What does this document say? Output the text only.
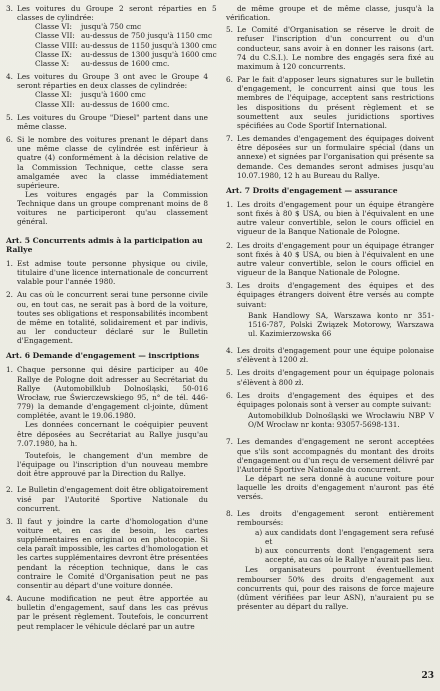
3. Les voitures du Groupe 2 seront réparties en 5 classes de cylindrée:
Classe VI:	jusqu'à 750 cmc
Classe VII: au-dessus de 750 jusqu'à 1150 cmc
Classe VIII: au-dessus de 1150 jusqu'à 1300 cmc
Classe IX:	au-dessus de 1300 jusqu'à 1600 cmc
Classe X:	au-dessus de 1600 cmc.
4. Les voitures du Groupe 3 ont avec le Groupe 4 seront réparties en deux classes de cylindrée:
Classe XI:	jusqu'à 1600 cmc
Classe XII: au-dessus de 1600 cmc.
5. Les voitures du Groupe "Diesel" partent dans une même classe.
6. Si le nombre des voitures prenant le départ dans une même classe de cylindrée est inférieur à quatre (4) conformément à la décision relative de la Commission Technique, cette classe sera amalgamée avec la classe immédiatement supérieure.
Les voitures engagés par la Commission Technique dans un groupe comprenant moins de 8 voitures ne participeront qu'au classement général.
Art. 5 Concurrents admis à la participation au Rallye
1. Est admise toute personne physique ou civile, titulaire d'une licence internationale de concurrent valable pour l'année 1980.
2. Au cas où le concurrent serai tune personne civile ou, en tout cas, ne serait pas à bord de la voiture, toutes ses obligations et responsabilités incombent de même en totalité, solidairement et par indivis, au ler conducteur déclaré sur le Bulletin d'Engagement.
Art. 6 Demande d'engagement — inscriptions
1. Chaque personne qui désire participer au 40e Rallye de Pologne doit adresser au Secrétariat du Rallye (Automobilklub Dolnośląski, 50-016 Wrocław, rue Świerczewskiego 95, n° de tél. 446-779) la demande d'engagement cl-jointe, dûment complétée, avant le 19.06.1980.
Les données concernant le coéquipier peuvent être déposées au Secrétariat au Rallye jusqu'au 7.07.1980, ha h.
Toutefois, le changement d'un membre de l'équipage ou l'inscription d'un nouveau membre doit être approuvé par la Direction du Rallye.
2. Le Bulletin d'engagement doit être obligatoirement visé par l'Autorité Sportive Nationale du concurrent.
3. Il faut y joindre la carte d'homologation d'une voiture et, en cas de besoin, les cartes supplémentaires en original ou en photocopie. Si cela paraît impossible, les cartes d'homologation et les cartes supplémentaires devront être présentées pendant la réception technique, dans le cas contraire le Comité d'Organisation peut ne pas consentir au départ d'une voiture donnée.
4. Aucune modification ne peut être apportée au bulletin d'engagement, sauf dans les cas prévus par le présent règlement. Toutefois, le concurrent peut remplacer le véhicule déclaré par un autre
de même groupe et de même classe, jusqu'à la vérification.
5. Le Comité d'Organisation se réserve le droit de refuser l'inscription d'un concurrent ou d'un conducteur, sans avoir à en donner les raisons (art. 74 du C.S.I.). Le nombre des engagés sera fixé au maximum à 120 concurrents.
6. Par le fait d'apposer leurs signatures sur le bulletin d'engagement, le concurrent ainsi que tous les membres de l'équipage, acceptent sans restrictions les dispositions du présent règlement et se soumettent aux seules juridictions sportives spécifiées au Code Sportif International.
7. Les demandes d'engagement des équipages doivent être déposées sur un formulaire spécial (dans un annexe) et signées par l'organisation qui présente sa demande. Ces demandes seront admises jusqu'au 10.07.1980, 12 h au Bureau du Rallye.
Art. 7 Droits d'engagement — assurance
1. Les droits d'engagement pour un équipe étrangère sont fixés à 80 $ USA, ou bien à l'équivalent en une autre valeur convertible, selon le cours officiel en vigueur de la Banque Nationale de Pologne.
2. Les droits d'engagement pour un équipage étranger sont fixés à 40 $ USA, ou bien à l'équivalent en une autre valeur convertible, selon le cours officiel en vigueur de la Banque Nationale de Pologne.
3. Les droits d'engagement des équipes et des équipages étrangers doivent être versés au compte suivant:
Bank Handlowy SA, Warszawa konto nr 351-1516-787, Polski Związek Motorowy, Warszawa ul. Kazimierzowska 66
4. Les droits d'engagement pour une équipe polonaise s'élèvent à 1200 zł.
5. Les droits d'engagement pour un équipage polonais s'élèvent à 800 zł.
6. Les droits d'engagement des équipes et des équipages polonais sont à verser au compte suivant:
Automobilklub Dolnośląski we Wrocławiu NBP V O/M Wrocław nr konta: 93057-5698-131.
7. Les demandes d'engagement ne seront acceptées que s'ils sont accompagnés du montant des droits d'engagement ou d'un reçu de versement délivré par l'Autorité Sportive Nationale du concurrent.
Le départ ne sera donné à aucune voiture pour laquelle les droits d'engagement n'auront pas été versés.
8. Les droits d'engagement seront entièrement remboursés:
a) aux candidats dont l'engagement sera refusé et
b) aux concurrents dont l'engagement sera accepté, au cas où le Rallye n'aurait pas lieu.
Les organisateurs pourront éventuellement rembourser 50% des droits d'engagement aux concurrents qui, pour des raisons de force majeure (dûment vérifiées par leur ASN), n'auraient pu se présenter au départ du rallye.
23
